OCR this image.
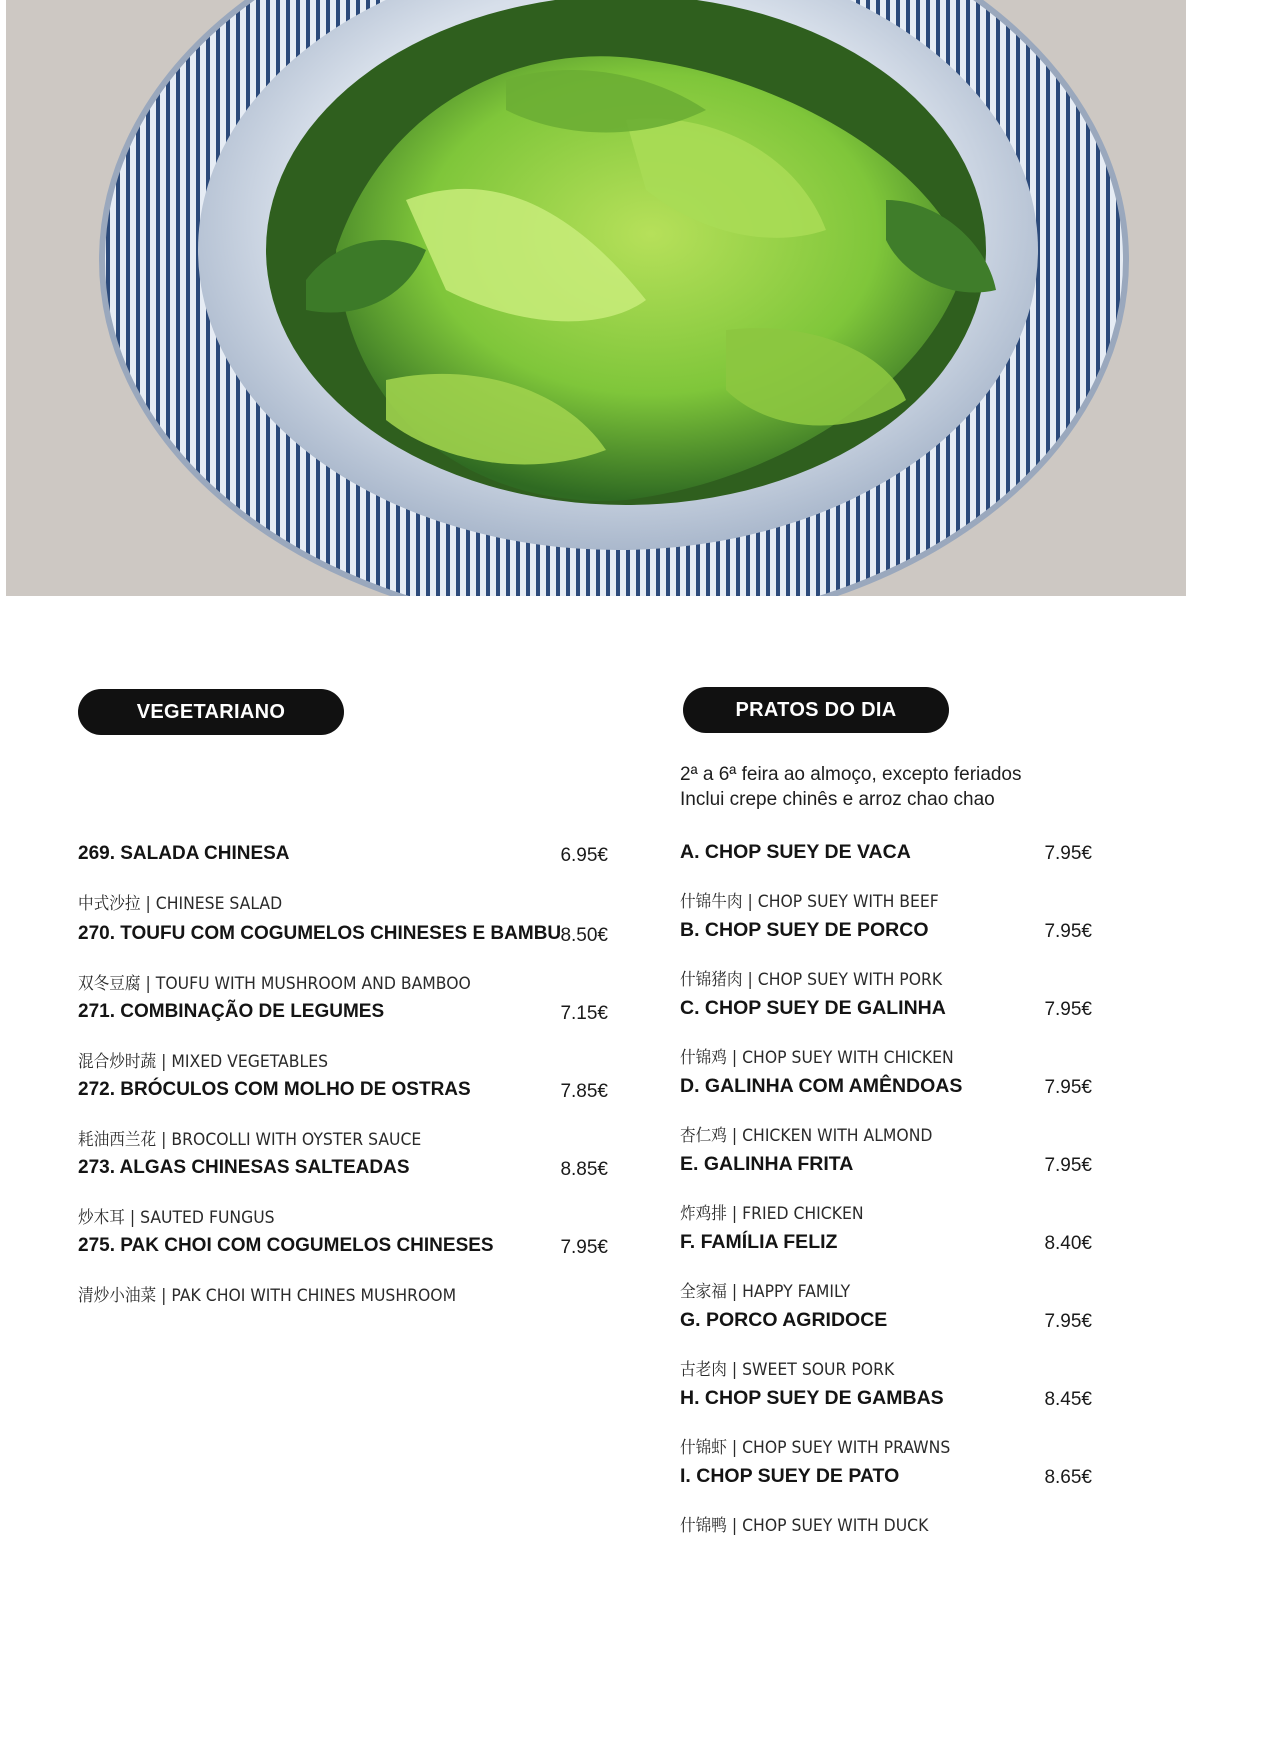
VEGETARIANO	PRATOS DO DIA
2ª a 6ª feira ao almoço, excepto feriados
Inclui crepe chinês e arroz chao chao
269. SALADA CHINESA	6.95€
中式沙拉 | CHINESE SALAD
270. TOUFU COM COGUMELOS CHINESES E BAMBU 8.50€
双冬豆腐 | TOUFU WITH MUSHROOM AND BAMBOO
271. COMBINAÇÃO DE LEGUMES	7.15€
混合炒时蔬 | MIXED VEGETABLES
272. BRÓCULOS COM MOLHO DE OSTRAS	7.85€
耗油西兰花 | BROCOLLI WITH OYSTER SAUCE
273. ALGAS CHINESAS SALTEADAS	8.85€
炒木耳 | SAUTED FUNGUS
275. PAK CHOI COM COGUMELOS CHINESES	7.95€
清炒小油菜 | PAK CHOI WITH CHINES MUSHROOM
A. CHOP SUEY DE VACA	7.95€
什锦牛肉 | CHOP SUEY WITH BEEF
B. CHOP SUEY DE PORCO	7.95€
什锦猪肉 | CHOP SUEY WITH PORK
C. CHOP SUEY DE GALINHA	7.95€
什锦鸡 | CHOP SUEY WITH CHICKEN
D. GALINHA COM AMÊNDOAS	7.95€
杏仁鸡 | CHICKEN WITH ALMOND
E. GALINHA FRITA	7.95€
炸鸡排 | FRIED CHICKEN
F. FAMÍLIA FELIZ	8.40€
全家福 | HAPPY FAMILY
G. PORCO AGRIDOCE	7.95€
古老肉 | SWEET SOUR PORK
H. CHOP SUEY DE GAMBAS	8.45€
什锦虾 | CHOP SUEY WITH PRAWNS
I. CHOP SUEY DE PATO	8.65€
什锦鸭 | CHOP SUEY WITH DUCK
